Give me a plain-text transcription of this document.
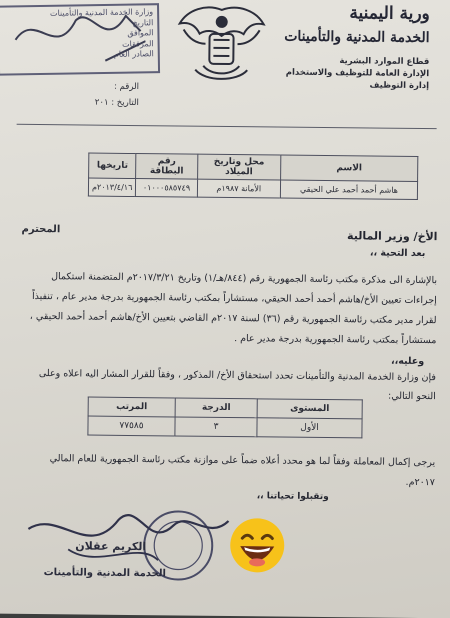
ورية اليمنية
الخدمة المدنية والتأمينات
قطاع الموارد البشرية
الإدارة العامة للتوظيف والاستخدام
إدارة التوظيف
وزارة الخدمة المدنية والتأمينات
التاريخ
الموافق
المرفقات
الصادر العام
الرقم :
التاريخ : ٢٠١
الاسم	محل وتاريخ الميلاد	رقم البطاقة	تاريخها
هاشم أحمد أحمد علي الحيقي	الأمانة ١٩٨٧م	٠١٠٠٠٥٨٥٧٤٩	٢٠١٣/٤/١٦م
الأخ/ وزير المالية
المحترم
بعد التحية ،،
بالإشارة الى مذكرة مكتب رئاسة الجمهورية رقم (٨٤٤/هـ/١) وتاريخ ٢٠١٧/٣/٢١م المتضمنة استكمال إجراءات تعيين الأخ/هاشم أحمد أحمد الحيقي، مستشاراً بمكتب رئاسة الجمهورية بدرجة مدير عام ، تنفيذاً لقرار مدير مكتب رئاسة الجمهورية رقم (٣٦) لسنة ٢٠١٧م القاضي بتعيين الأخ/هاشم أحمد أحمد الحيقي ، مستشاراً بمكتب رئاسة الجمهورية بدرجة مدير عام .
وعليه،،
فإن وزارة الخدمة المدنية والتأمينات تحدد استحقاق الأخ/ المذكور ، وفقاً للقرار المشار اليه اعلاه وعلى النحو التالي:
المستوى	الدرجة	المرتب
الأول	٣	٧٧٥٨٥
يرجى إكمال المعاملة وفقاً لما هو محدد أعلاه ضماً على موازنة مكتب رئاسة الجمهورية للعام المالي ٢٠١٧م.
وتقبلوا تحياتنا ،،
الكريم عقلان
الخدمة المدنية والتأمينات
